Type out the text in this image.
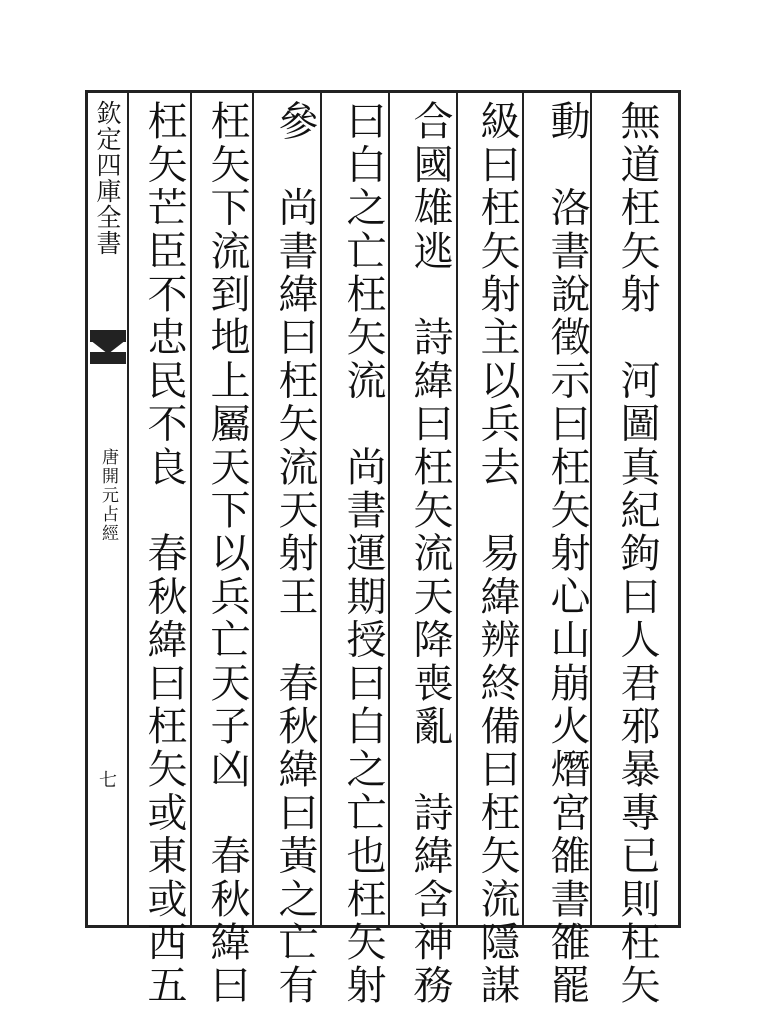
欽定四庫全書
唐開元占經
七	無道枉矢射　河圖真紀鉤曰人君邪暴專已則枉矢
動　洛書說徵示曰枉矢射心山崩火熸宮雒書雒罷
級曰枉矢射主以兵去　易緯辨終備曰枉矢流隱謀
合國雄逃　詩緯曰枉矢流天降喪亂　詩緯含神務
曰白之亡枉矢流　尚書運期授曰白之亡也枉矢射
參　尚書緯曰枉矢流天射王　春秋緯曰黃之亡有
枉矢下流到地上屬天下以兵亡天子凶　春秋緯曰
枉矢芒臣不忠民不良　春秋緯曰枉矢或東或西五
